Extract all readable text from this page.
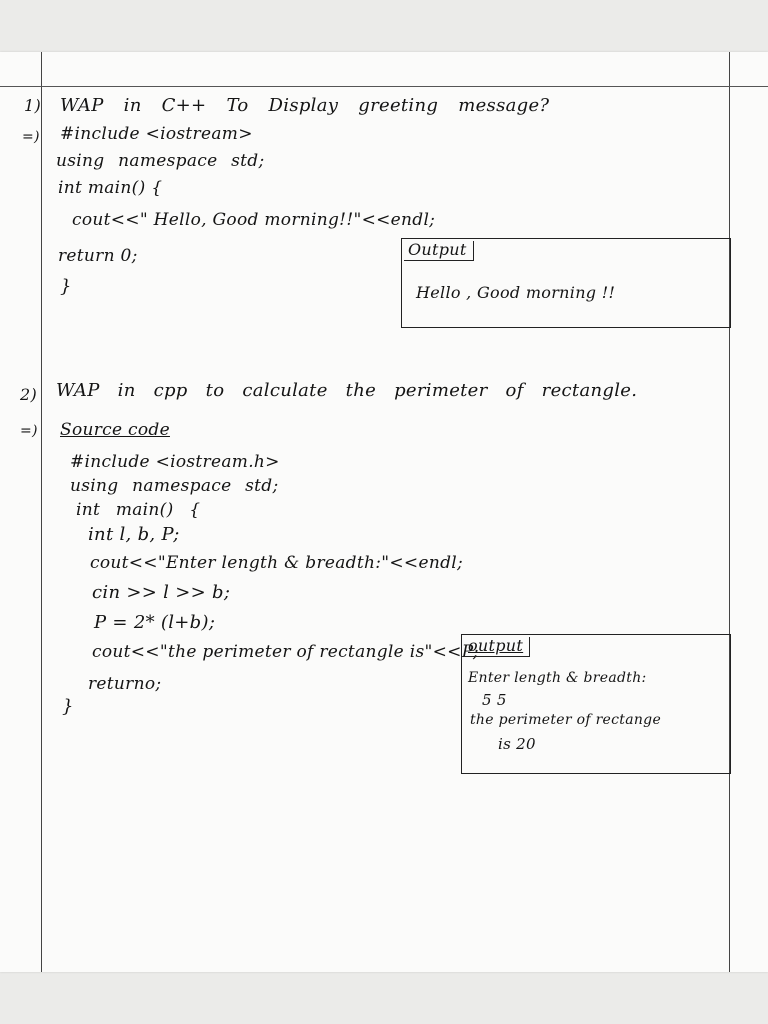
1) WAP in C++ To Display greeting message?
=) #include <iostream>
using namespace std;
int main() {
cout<<" Hello, Good morning!!"<<endl;
return 0;
}
Output
Hello , Good morning !!
2) WAP in cpp to calculate the perimeter of rectangle.
=) Source code
#include <iostream.h>
using namespace std;
int main() {
int l, b, P;
cout<<"Enter length & breadth:"<<endl;
cin >> l >> b;
P = 2* (l+b);
cout<<"the perimeter of rectangle is"<<P;
returno;
}
output
Enter length & breadth:
5 5
the perimeter of rectange
is 20
